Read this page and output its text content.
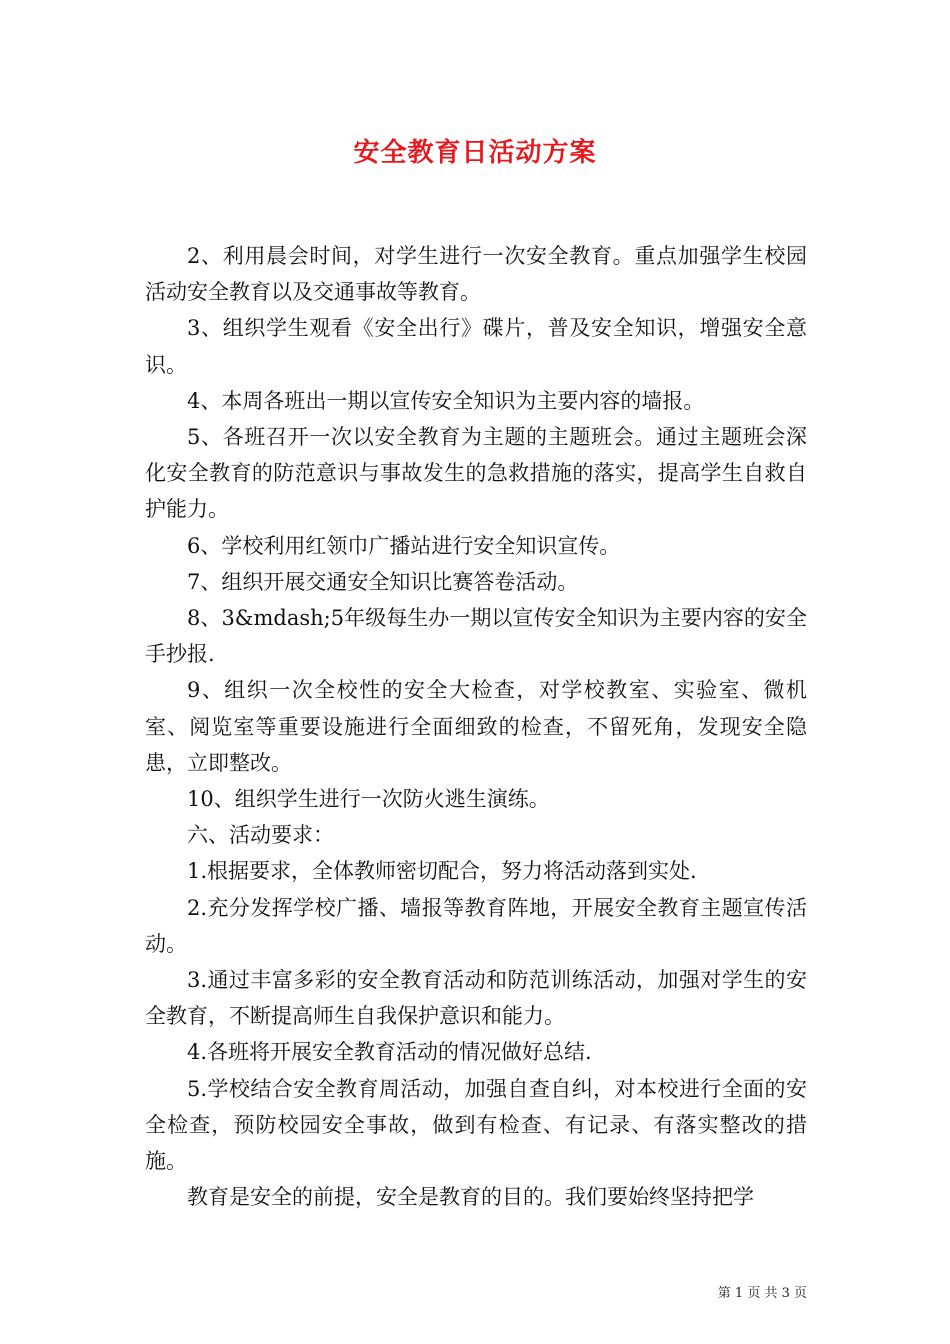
安全教育日活动方案

2、利用晨会时间，对学生进行一次安全教育。重点加强学生校园活动安全教育以及交通事故等教育。

3、组织学生观看《安全出行》碟片，普及安全知识，增强安全意识。

4、本周各班出一期以宣传安全知识为主要内容的墙报。

5、各班召开一次以安全教育为主题的主题班会。通过主题班会深化安全教育的防范意识与事故发生的急救措施的落实，提高学生自救自护能力。

6、学校利用红领巾广播站进行安全知识宣传。

7、组织开展交通安全知识比赛答卷活动。

8、3&mdash;5年级每生办一期以宣传安全知识为主要内容的安全手抄报.

9、组织一次全校性的安全大检查，对学校教室、实验室、微机室、阅览室等重要设施进行全面细致的检查，不留死角，发现安全隐患，立即整改。

10、组织学生进行一次防火逃生演练。

六、活动要求：

1.根据要求，全体教师密切配合，努力将活动落到实处.

2.充分发挥学校广播、墙报等教育阵地，开展安全教育主题宣传活动。

3.通过丰富多彩的安全教育活动和防范训练活动，加强对学生的安全教育，不断提高师生自我保护意识和能力。

4.各班将开展安全教育活动的情况做好总结.

5.学校结合安全教育周活动，加强自查自纠，对本校进行全面的安全检查，预防校园安全事故，做到有检查、有记录、有落实整改的措施。

教育是安全的前提，安全是教育的目的。我们要始终坚持把学

第 1 页 共 3 页
